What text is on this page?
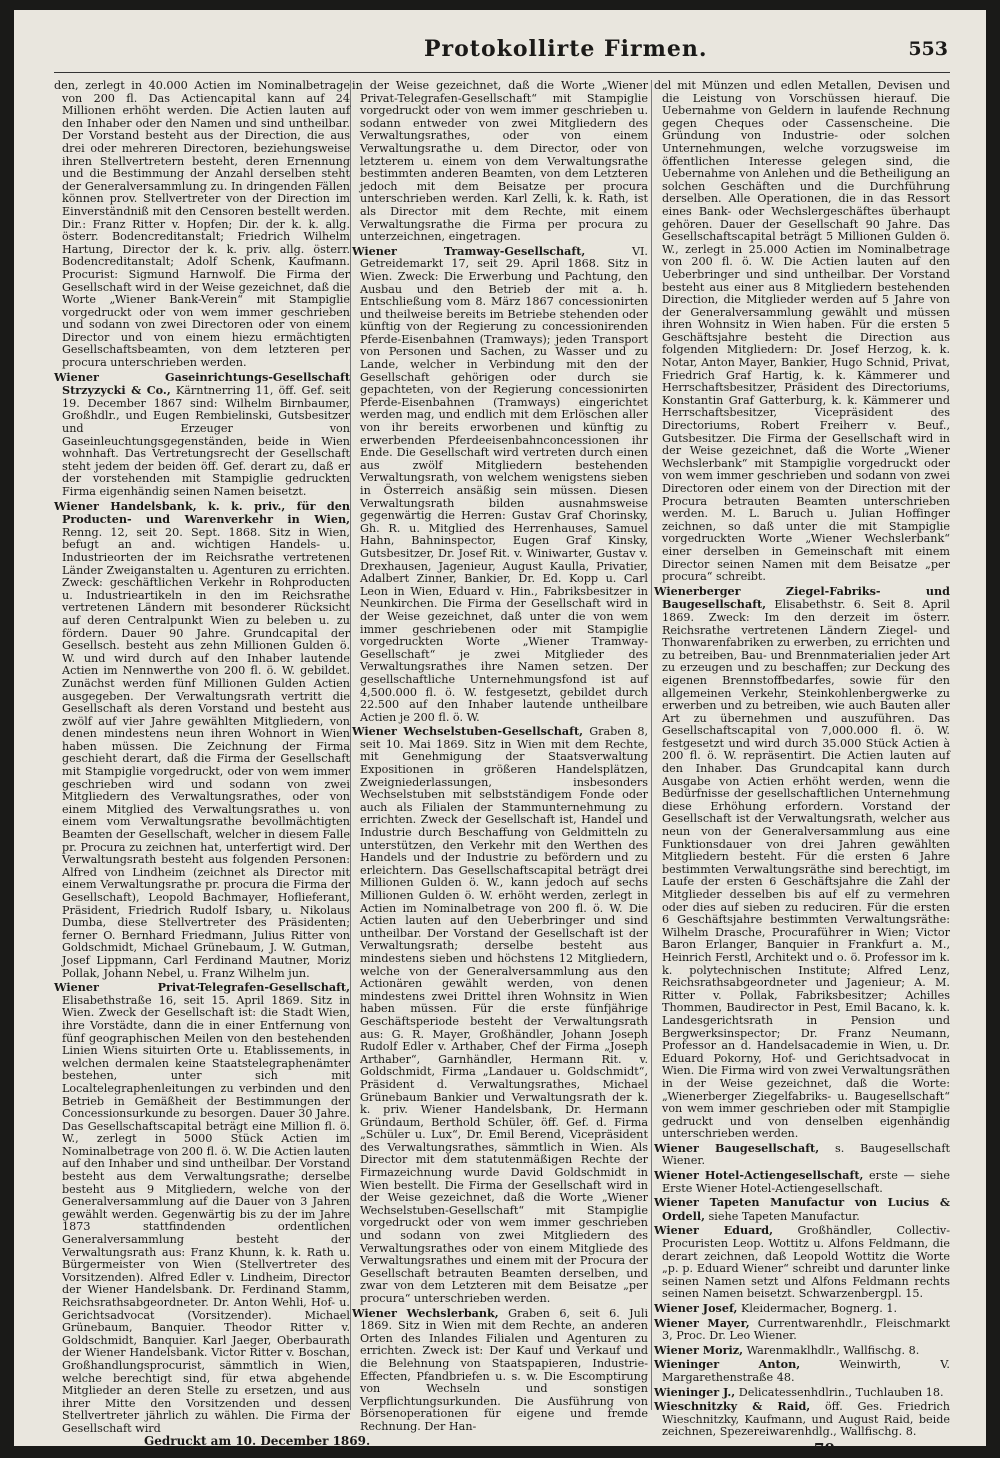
Protokollirte Firmen.	553

den, zerlegt in 40.000 Actien im Nominalbetrage von 200 fl. Das Actiencapital kann auf 24 Millionen erhöht werden. Die Actien lauten auf den Inhaber oder den Namen und sind untheilbar. Der Vorstand besteht aus der Direction, die aus drei oder mehreren Directoren, beziehungsweise ihren Stellvertretern besteht, deren Ernennung und die Bestimmung der Anzahl derselben steht der Generalversammlung zu. In dringenden Fällen können prov. Stellvertreter von der Direction im Einverständniß mit den Censoren bestellt werden. Dir.: Franz Ritter v. Hopfen; Dir. der k. k. allg. österr. Bodencreditanstalt; Friedrich Wilhelm Hartung, Director der k. k. priv. allg. österr. Bodencreditanstalt; Adolf Schenk, Kaufmann. Procurist: Sigmund Harnwolf. Die Firma der Gesellschaft wird in der Weise gezeichnet, daß die Worte „Wiener Bank-Verein“ mit Stampiglie vorgedruckt oder von wem immer geschrieben und sodann von zwei Directoren oder von einem Director und von einem hiezu ermächtigten Gesellschaftsbeamten, von dem letzteren per procura unterschrieben werden.

Wiener Gaseinrichtungs-Gesellschaft Strzyzycki & Co., Kärntnerring 11, öff. Gef. seit 19. December 1867 sind: Wilhelm Birnbaumer, Großhdlr., und Eugen Rembielinski, Gutsbesitzer und Erzeuger von Gaseinleuchtungsgegenständen, beide in Wien wohnhaft. Das Vertretungsrecht der Gesellschaft steht jedem der beiden öff. Gef. derart zu, daß er der vorstehenden mit Stampiglie gedruckten Firma eigenhändig seinen Namen beisetzt.

Wiener Handelsbank, k. k. priv., für den Producten- und Warenverkehr in Wien, Renng. 12, seit 20. Sept. 1868. Sitz in Wien, befugt an and. wichtigen Handels- u. Industrieorten der im Reichsrathe vertretenen Länder Zweiganstalten u. Agenturen zu errichten. Zweck: geschäftlichen Verkehr in Rohproducten u. Industrieartikeln in den im Reichsrathe vertretenen Ländern mit besonderer Rücksicht auf deren Centralpunkt Wien zu beleben u. zu fördern. Dauer 90 Jahre. Grundcapital der Gesellsch. besteht aus zehn Millionen Gulden ö. W. und wird durch auf den Inhaber lautende Actien im Nennwerthe von 200 fl. ö. W. gebildet. Zunächst werden fünf Millionen Gulden Actien ausgegeben. Der Verwaltungsrath vertritt die Gesellschaft als deren Vorstand und besteht aus zwölf auf vier Jahre gewählten Mitgliedern, von denen mindestens neun ihren Wohnort in Wien haben müssen. Die Zeichnung der Firma geschieht derart, daß die Firma der Gesellschaft mit Stampiglie vorgedruckt, oder von wem immer geschrieben wird und sodann von zwei Mitgliedern des Verwaltungsrathes, oder von einem Mitglied des Verwaltungsrathes u. von einem vom Verwaltungsrathe bevollmächtigten Beamten der Gesellschaft, welcher in diesem Falle pr. Procura zu zeichnen hat, unterfertigt wird. Der Verwaltungsrath besteht aus folgenden Personen: Alfred von Lindheim (zeichnet als Director mit einem Verwaltungsrathe pr. procura die Firma der Gesellschaft), Leopold Bachmayer, Hoflieferant, Präsident, Friedrich Rudolf Isbary, u. Nikolaus Dumba, diese Stellvertreter des Präsidenten; ferner O. Bernhard Friedmann, Julius Ritter von Goldschmidt, Michael Grünebaum, J. W. Gutman, Josef Lippmann, Carl Ferdinand Mautner, Moriz Pollak, Johann Nebel, u. Franz Wilhelm jun.

Wiener Privat-Telegrafen-Gesellschaft, Elisabethstraße 16, seit 15. April 1869. Sitz in Wien. Zweck der Gesellschaft ist: die Stadt Wien, ihre Vorstädte, dann die in einer Entfernung von fünf geographischen Meilen von den bestehenden Linien Wiens situirten Orte u. Etablissements, in welchen dermalen keine Staatstelegraphenämter bestehen, unter sich mit Localtelegraphenleitungen zu verbinden und den Betrieb in Gemäßheit der Bestimmungen der Concessionsurkunde zu besorgen. Dauer 30 Jahre. Das Gesellschaftscapital beträgt eine Million fl. ö. W., zerlegt in 5000 Stück Actien im Nominalbetrage von 200 fl. ö. W. Die Actien lauten auf den Inhaber und sind untheilbar. Der Vorstand besteht aus dem Verwaltungsrathe; derselbe besteht aus 9 Mitgliedern, welche von der Generalversammlung auf die Dauer von 3 Jahren gewählt werden. Gegenwärtig bis zu der im Jahre 1873 stattfindenden ordentlichen Generalversammlung besteht der Verwaltungsrath aus: Franz Khunn, k. k. Rath u. Bürgermeister von Wien (Stellvertreter des Vorsitzenden). Alfred Edler v. Lindheim, Director der Wiener Handelsbank. Dr. Ferdinand Stamm, Reichsrathsabgeordneter. Dr. Anton Wehli, Hof- u. Gerichtsadvocat (Vorsitzender). Michael Grünebaum, Banquier. Theodor Ritter v. Goldschmidt, Banquier. Karl Jaeger, Oberbaurath der Wiener Handelsbank. Victor Ritter v. Boschan, Großhandlungsprocurist, sämmtlich in Wien, welche berechtigt sind, für etwa abgehende Mitglieder an deren Stelle zu ersetzen, und aus ihrer Mitte den Vorsitzenden und dessen Stellvertreter jährlich zu wählen. Die Firma der Gesellschaft wird

in der Weise gezeichnet, daß die Worte „Wiener Privat-Telegrafen-Gesellschaft“ mit Stampiglie vorgedruckt oder von wem immer geschrieben u. sodann entweder von zwei Mitgliedern des Verwaltungsrathes, oder von einem Verwaltungsrathe u. dem Director, oder von letzterem u. einem von dem Verwaltungsrathe bestimmten anderen Beamten, von dem Letzteren jedoch mit dem Beisatze per procura unterschrieben werden. Karl Zelli, k. k. Rath, ist als Director mit dem Rechte, mit einem Verwaltungsrathe die Firma per procura zu unterzeichnen, eingetragen.

Wiener Tramway-Gesellschaft,	VI. Getreidemarkt 17, seit 29. April 1868. Sitz in Wien. Zweck: Die Erwerbung und Pachtung, den Ausbau und den Betrieb der mit a. h. Entschließung vom 8. März 1867 concessionirten und theilweise bereits im Betriebe stehenden oder künftig von der Regierung zu concessionirenden Pferde-Eisenbahnen (Tramways); jeden Transport von Personen und Sachen, zu Wasser und zu Lande, welcher in Verbindung mit den der Gesellschaft gehörigen oder durch sie gepachteten, von der Regierung concessionirten Pferde-Eisenbahnen (Tramways) eingerichtet werden mag, und endlich mit dem Erlöschen aller von ihr bereits erworbenen und künftig zu erwerbenden Pferdeeisenbahnconcessionen ihr Ende. Die Gesellschaft wird vertreten durch einen aus zwölf Mitgliedern bestehenden Verwaltungsrath, von welchem wenigstens sieben in Österreich ansäßig sein müssen. Diesen Verwaltungsrath bilden ausnahmsweise gegenwärtig die Herren: Gustav Graf Chorinsky, Gh. R. u. Mitglied des Herrenhauses, Samuel Hahn, Bahninspector, Eugen Graf Kinsky, Gutsbesitzer, Dr. Josef Rit. v. Winiwarter, Gustav v. Drexhausen, Jagenieur, August Kaulla, Privatier, Adalbert Zinner, Bankier, Dr. Ed. Kopp u. Carl Leon in Wien, Eduard v. Hin., Fabriksbesitzer in Neunkirchen. Die Firma der Gesellschaft wird in der Weise gezeichnet, daß unter die von wem immer geschriebenen oder mit Stampiglie vorgedruckten Worte „Wiener Tramway-Gesellschaft“ je zwei Mitglieder des Verwaltungsrathes ihre Namen setzen. Der gesellschaftliche Unternehmungsfond ist auf 4,500.000 fl. ö. W. festgesetzt, gebildet durch 22.500 auf den Inhaber lautende untheilbare Actien je 200 fl. ö. W.

Wiener Wechselstuben-Gesellschaft, Graben 8, seit 10. Mai 1869. Sitz in Wien mit dem Rechte, mit Genehmigung der Staatsverwaltung Expositionen in größeren Handelsplätzen, Zweigniederlassungen, insbesonders Wechselstuben mit selbstständigem Fonde oder auch als Filialen der Stammunternehmung zu errichten. Zweck der Gesellschaft ist, Handel und Industrie durch Beschaffung von Geldmitteln zu unterstützen, den Verkehr mit den Werthen des Handels und der Industrie zu befördern und zu erleichtern. Das Gesellschaftscapital beträgt drei Millionen Gulden ö. W., kann jedoch auf sechs Millionen Gulden ö. W. erhöht werden, zerlegt in Actien im Nominalbetrage von 200 fl. ö. W. Die Actien lauten auf den Ueberbringer und sind untheilbar. Der Vorstand der Gesellschaft ist der Verwaltungsrath; derselbe besteht aus mindestens sieben und höchstens 12 Mitgliedern, welche von der Generalversammlung aus den Actionären gewählt werden, von denen mindestens zwei Drittel ihren Wohnsitz in Wien haben müssen. Für die erste fünfjährige Geschäftsperiode besteht der Verwaltungsrath aus: G. R. Mayer, Großhändler, Johann Joseph Rudolf Edler v. Arthaber, Chef der Firma „Joseph Arthaber“, Garnhändler, Hermann Rit. v. Goldschmidt, Firma „Landauer u. Goldschmidt“, Präsident d. Verwaltungsrathes, Michael Grünebaum Bankier und Verwaltungsrath der k. k. priv. Wiener Handelsbank, Dr. Hermann Gründaum, Berthold Schüler, öff. Gef. d. Firma „Schüler u. Lux“, Dr. Emil Berend, Vicepräsident des Verwaltungsrathes, sämmtlich in Wien. Als Director mit dem statutenmäßigen Rechte der Firmazeichnung wurde David Goldschmidt in Wien bestellt. Die Firma der Gesellschaft wird in der Weise gezeichnet, daß die Worte „Wiener Wechselstuben-Gesellschaft“ mit Stampiglie vorgedruckt oder von wem immer geschrieben und sodann von zwei Mitgliedern des Verwaltungsrathes oder von einem Mitgliede des Verwaltungsrathes und einem mit der Procura der Gesellschaft betrauten Beamten derselben, und zwar von dem Letzteren mit dem Beisatze „per procura“ unterschrieben werden.

Wiener Wechslerbank, Graben 6, seit 6. Juli 1869. Sitz in Wien mit dem Rechte, an anderen Orten des Inlandes Filialen und Agenturen zu errichten. Zweck ist: Der Kauf und Verkauf und die Belehnung von Staatspapieren, Industrie-Effecten, Pfandbriefen u. s. w. Die Escomptirung von Wechseln und sonstigen Verpflichtungsurkunden. Die Ausführung von Börsenoperationen für eigene und fremde Rechnung. Der Han-

del mit Münzen und edlen Metallen, Devisen und die Leistung von Vorschüssen hierauf. Die Uebernahme von Geldern in laufende Rechnung gegen Cheques oder Cassenscheine. Die Gründung von Industrie- oder solchen Unternehmungen, welche vorzugsweise im öffentlichen Interesse gelegen sind, die Uebernahme von Anlehen und die Betheiligung an solchen Geschäften und die Durchführung derselben. Alle Operationen, die in das Ressort eines Bank- oder Wechslergeschäftes überhaupt gehören. Dauer der Gesellschaft 90 Jahre. Das Gesellschaftscapital beträgt 5 Millionen Gulden ö. W., zerlegt in 25.000 Actien im Nominalbetrage von 200 fl. ö. W. Die Actien lauten auf den Ueberbringer und sind untheilbar. Der Vorstand besteht aus einer aus 8 Mitgliedern bestehenden Direction, die Mitglieder werden auf 5 Jahre von der Generalversammlung gewählt und müssen ihren Wohnsitz in Wien haben. Für die ersten 5 Geschäftsjahre besteht die Direction aus folgenden Mitgliedern: Dr. Josef Herzog, k. k. Notar, Anton Mayer, Bankier, Hugo Schnid, Privat, Friedrich Graf Hartig, k. k. Kämmerer und Herrschaftsbesitzer, Präsident des Directoriums, Konstantin Graf Gatterburg, k. k. Kämmerer und Herrschaftsbesitzer, Vicepräsident des Directoriums, Robert Freiherr v. Beuf., Gutsbesitzer. Die Firma der Gesellschaft wird in der Weise gezeichnet, daß die Worte „Wiener Wechslerbank“ mit Stampiglie vorgedruckt oder von wem immer geschrieben und sodann von zwei Directoren oder einem von der Direction mit der Procura betrauten Beamten unterschrieben werden. M. L. Baruch u. Julian Hoffinger zeichnen, so daß unter die mit Stampiglie vorgedruckten Worte „Wiener Wechslerbank“ einer derselben in Gemeinschaft mit einem Director seinen Namen mit dem Beisatze „per procura“ schreibt.

Wienerberger Ziegel-Fabriks- und Baugesellschaft, Elisabethstr. 6. Seit 8. April 1869. Zweck: Im den derzeit im österr. Reichsrathe vertretenen Ländern Ziegel- und Thonwarenfabriken zu erwerben, zu errichten und zu betreiben, Bau- und Brennmaterialien jeder Art zu erzeugen und zu beschaffen; zur Deckung des eigenen Brennstoffbedarfes, sowie für den allgemeinen Verkehr, Steinkohlenbergwerke zu erwerben und zu betreiben, wie auch Bauten aller Art zu übernehmen und auszuführen. Das Gesellschaftscapital von 7,000.000 fl. ö. W. festgesetzt und wird durch 35.000 Stück Actien à 200 fl. ö. W. repräsentirt. Die Actien lauten auf den Inhaber. Das Grundcapital kann durch Ausgabe von Actien erhöht werden, wenn die Bedürfnisse der gesellschaftlichen Unternehmung diese Erhöhung erfordern. Vorstand der Gesellschaft ist der Verwaltungsrath, welcher aus neun von der Generalversammlung aus eine Funktionsdauer von drei Jahren gewählten Mitgliedern besteht. Für die ersten 6 Jahre bestimmten Verwaltungsräthe sind berechtigt, im Laufe der ersten 6 Geschäftsjahre die Zahl der Mitglieder desselben bis auf elf zu vermehren oder dies auf sieben zu reduciren. Für die ersten 6 Geschäftsjahre bestimmten Verwaltungsräthe: Wilhelm Drasche, Procuraführer in Wien; Victor Baron Erlanger, Banquier in Frankfurt a. M., Heinrich Ferstl, Architekt und o. ö. Professor im k. k. polytechnischen Institute; Alfred Lenz, Reichsrathsabgeordneter und Jagenieur; A. M. Ritter v. Pollak, Fabriksbesitzer; Achilles Thommen, Baudirector in Pest, Emil Bacano, k. k. Landesgerichtsrath in Pension und Bergwerksinspector; Dr. Franz Neumann, Professor an d. Handelsacademie in Wien, u. Dr. Eduard Pokorny, Hof- und Gerichtsadvocat in Wien. Die Firma wird von zwei Verwaltungsräthen in der Weise gezeichnet, daß die Worte: „Wienerberger Ziegelfabriks- u. Baugesellschaft“ von wem immer geschrieben oder mit Stampiglie gedruckt und von denselben eigenhändig unterschrieben werden.

Wiener Baugesellschaft, s. Baugesellschaft Wiener.

Wiener Hotel-Actiengesellschaft, erste — siehe Erste Wiener Hotel-Actiengesellschaft.

Wiener Tapeten Manufactur von Lucius & Ordell, siehe Tapeten Manufactur.

Wiener Eduard, Großhändler, Collectiv-Procuristen Leop. Wottitz u. Alfons Feldmann, die derart zeichnen, daß Leopold Wottitz die Worte „p. p. Eduard Wiener“ schreibt und darunter linke seinen Namen setzt und Alfons Feldmann rechts seinen Namen beisetzt. Schwarzenbergpl. 15.

Wiener Josef, Kleidermacher, Bognerg. 1.

Wiener Mayer, Currentwarenhdlr., Fleischmarkt 3, Proc. Dr. Leo Wiener.

Wiener Moriz, Warenmaklhdlr., Wallfischg. 8.

Wieninger Anton,	Weinwirth, V. Margarethenstraße 48.

Wieninger J., Delicatessenhdlrin., Tuchlauben 18.

Wieschnitzky & Raid, öff. Ges. Friedrich Wieschnitzky, Kaufmann, und August Raid, beide zeichnen, Spezereiwarenhdlg., Wallfischg. 8.

Gedruckt am 10. December 1869.	70
